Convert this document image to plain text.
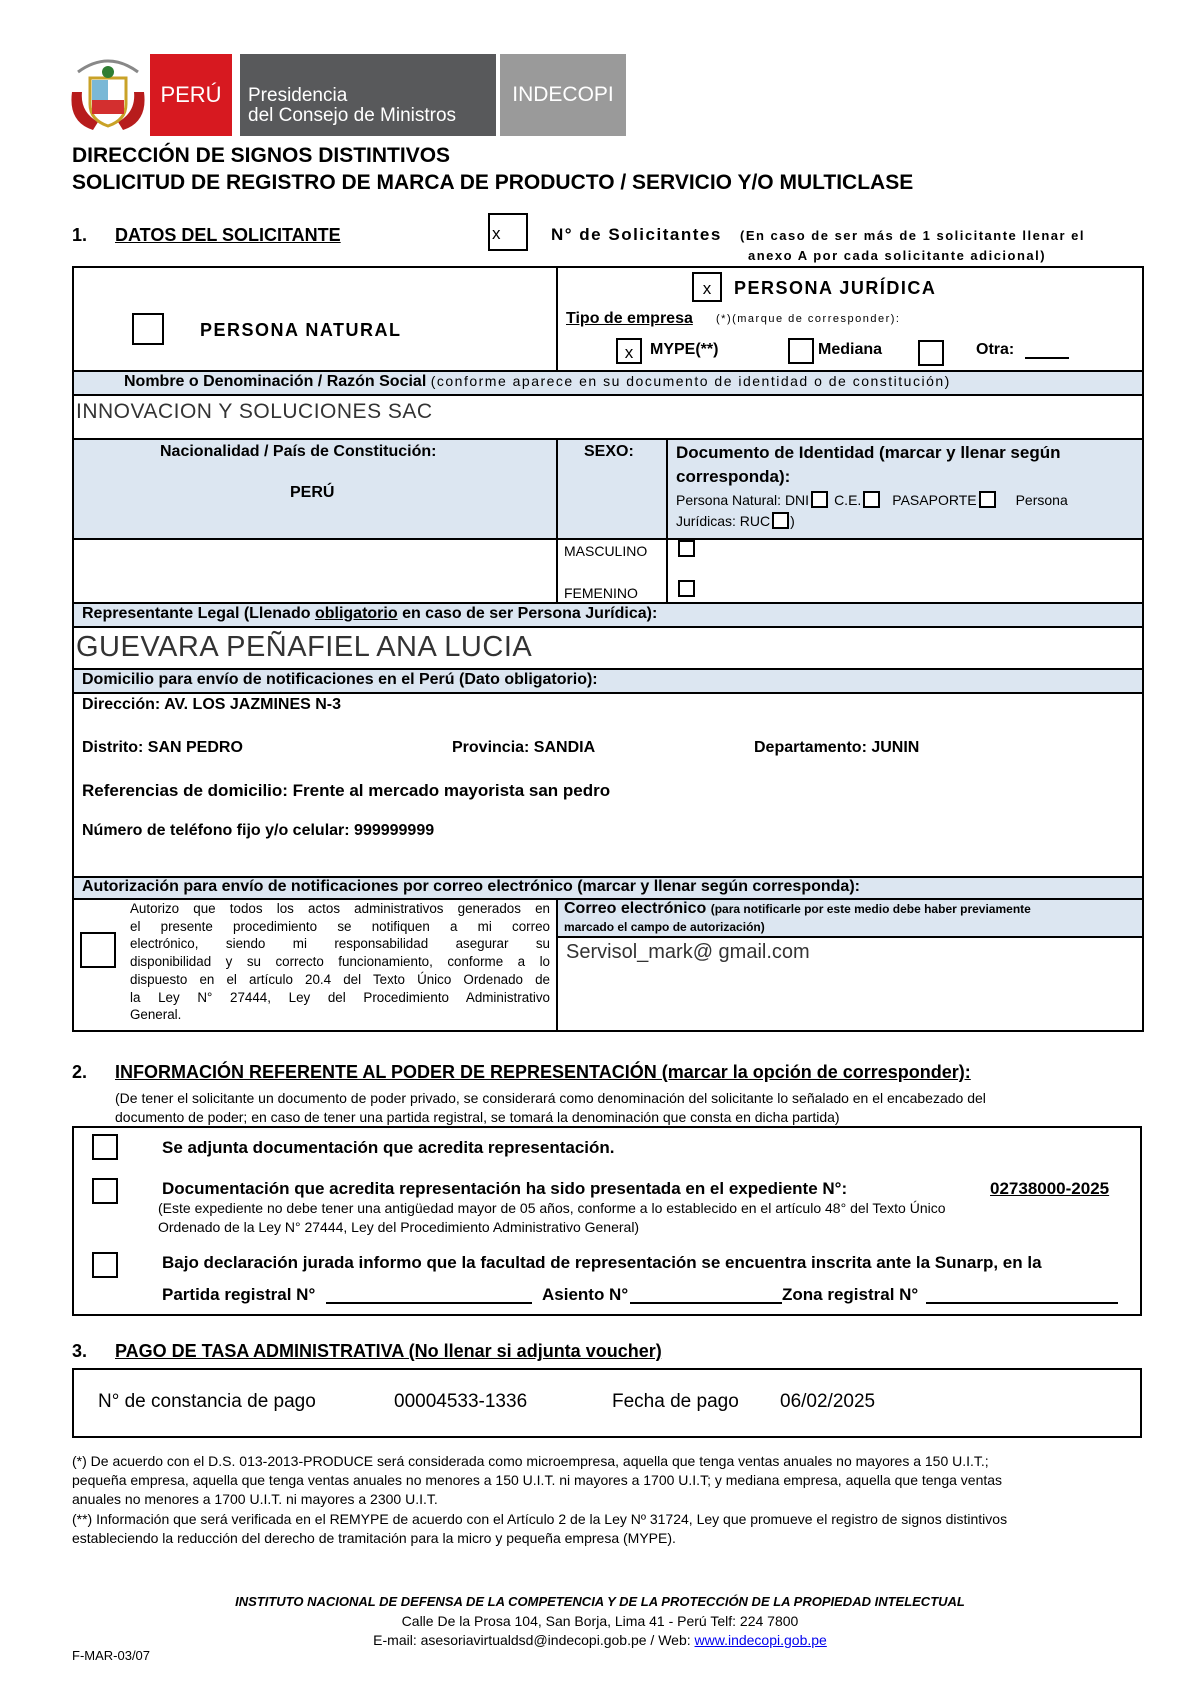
PERÚ Presidencia
del Consejo de Ministros
INDECOPI
DIRECCIÓN DE SIGNOS DISTINTIVOS
SOLICITUD DE REGISTRO DE MARCA DE PRODUCTO / SERVICIO Y/O MULTICLASE
1. DATOS DEL SOLICITANTE	x	N° de Solicitantes (En caso de ser más de 1 solicitante llenar el
anexo A por cada solicitante adicional)
PERSONA NATURAL
x	PERSONA JURÍDICA
Tipo de empresa (*)(marque de corresponder):
x	MYPE(**)	Mediana	Otra:
Nombre o Denominación / Razón Social (conforme aparece en su documento de identidad o de constitución)
INNOVACION Y SOLUCIONES SAC
Nacionalidad / País de Constitución:
PERÚ
SEXO: Documento de Identidad (marcar y llenar según
corresponda):
Persona Natural: DNI C.E. PASAPORTE	Persona
Jurídicas: RUC )
MASCULINO
FEMENINO
Representante Legal (Llenado obligatorio en caso de ser Persona Jurídica):
GUEVARA PEÑAFIEL ANA LUCIA
Domicilio para envío de notificaciones en el Perú (Dato obligatorio):
Dirección: AV. LOS JAZMINES N-3
Distrito: SAN PEDRO	Provincia: SANDIA	Departamento: JUNIN
Referencias de domicilio: Frente al mercado mayorista san pedro
Número de teléfono fijo y/o celular: 999999999
Autorización para envío de notificaciones por correo electrónico (marcar y llenar según corresponda):
Autorizo que todos los actos administrativos generados en
el presente procedimiento se notifiquen a mi correo
electrónico, siendo mi responsabilidad asegurar su
disponibilidad y su correcto funcionamiento, conforme a lo
dispuesto en el artículo 20.4 del Texto Único Ordenado de
la Ley N° 27444, Ley del Procedimiento Administrativo
General.
Correo electrónico (para notificarle por este medio debe haber previamente
marcado el campo de autorización)
Servisol_mark@ gmail.com
2. INFORMACIÓN REFERENTE AL PODER DE REPRESENTACIÓN (marcar la opción de corresponder):
(De tener el solicitante un documento de poder privado, se considerará como denominación del solicitante lo señalado en el encabezado del
documento de poder; en caso de tener una partida registral, se tomará la denominación que consta en dicha partida)
Se adjunta documentación que acredita representación.
Documentación que acredita representación ha sido presentada en el expediente N°:	02738000-2025
(Este expediente no debe tener una antigüedad mayor de 05 años, conforme a lo establecido en el artículo 48° del Texto Único
Ordenado de la Ley N° 27444, Ley del Procedimiento Administrativo General)
Bajo declaración jurada informo que la facultad de representación se encuentra inscrita ante la Sunarp, en la
Partida registral N°	Asiento N°	Zona registral N°
3. PAGO DE TASA ADMINISTRATIVA (No llenar si adjunta voucher)
N° de constancia de pago	00004533-1336	Fecha de pago 06/02/2025
(*) De acuerdo con el D.S. 013-2013-PRODUCE será considerada como microempresa, aquella que tenga ventas anuales no mayores a 150 U.I.T.;
pequeña empresa, aquella que tenga ventas anuales no menores a 150 U.I.T. ni mayores a 1700 U.I.T; y mediana empresa, aquella que tenga ventas
anuales no menores a 1700 U.I.T. ni mayores a 2300 U.I.T.
(**) Información que será verificada en el REMYPE de acuerdo con el Artículo 2 de la Ley Nº 31724, Ley que promueve el registro de signos distintivos
estableciendo la reducción del derecho de tramitación para la micro y pequeña empresa (MYPE).
INSTITUTO NACIONAL DE DEFENSA DE LA COMPETENCIA Y DE LA PROTECCIÓN DE LA PROPIEDAD INTELECTUAL
Calle De la Prosa 104, San Borja, Lima 41 - Perú Telf: 224 7800
E-mail: asesoriavirtualdsd@indecopi.gob.pe / Web: www.indecopi.gob.pe
F-MAR-03/07
